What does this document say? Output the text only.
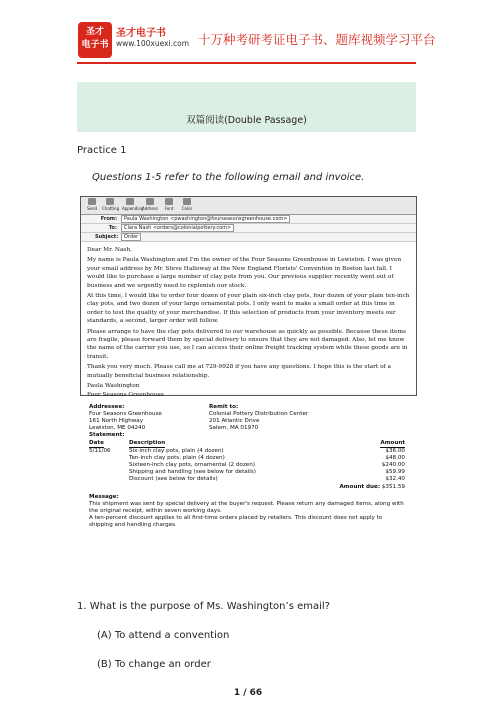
圣才
电子书
圣才电子书
www.100xuexi.com 十万种考研考证电子书、题库视频学习平台
双篇阅读(Double Passage)
Practice 1
Questions 1-5 refer to the following email and invoice.
Send	Chatting Appending
Address	Font	Color
From:	Paula Washington <pwashington@fourseasonsgreenhouse.com>
To:	Clara Nash <orders@colonialpottery.com>
Subject:	Order

Dear Mr. Nash,

My name is Paula Washington and I'm the owner of the Four Seasons Greenhouse in Lewiston. I was given your email address by Mr. Steve Halloway at the New England Florists' Convention in Boston last fall. I would like to purchase a large number of clay pots from you. Our previous supplier recently went out of business and we urgently need to replenish our stock.

At this time, I would like to order four dozen of your plain six-inch clay pots, four dozen of your plain ten-inch clay pots, and two dozen of your large ornamental pots. I only want to make a small order at this time in order to test the quality of your merchandise. If this selection of products from your inventory meets our standards, a second, larger order will follow.

Please arrange to have the clay pots delivered to our warehouse as quickly as possible. Because these items are fragile, please forward them by special delivery to ensure that they are not damaged. Also, let me know the name of the carrier you use, so I can access their online freight tracking system while these goods are in transit.

Thank you very much. Please call me at 729-9928 if you have any questions. I hope this is the start of a mutually beneficial business relationship.

Paula Washington
Four Seasons Greenhouse
Addressee:
Four Seasons Greenhouse
161 North Highway
Lewiston, ME 04240
Remit to:
Colonial Pottery Distribution Center
201 Atlantic Drive
Salem, MA 01970
Statement:
Date	Description	Amount
5/11/06	Six-inch clay pots, plain (4 dozen)	$36.00
Ten-inch clay pots, plain (4 dozen)	$48.00
Sixteen-inch clay pots, ornamental (2 dozen)	$240.00
Shipping and handling (see below for details)	$59.99
Discount (see below for details)	$32.40
Amount due: $351.59
Message:
This shipment was sent by special delivery at the buyer's request. Please return any damaged items, along with the original receipt, within seven working days.
A ten-percent discount applies to all first-time orders placed by retailers. This discount does not apply to shipping and handling charges.
1. What is the purpose of Ms. Washington’s email?
(A) To attend a convention
(B) To change an order
1 / 66
